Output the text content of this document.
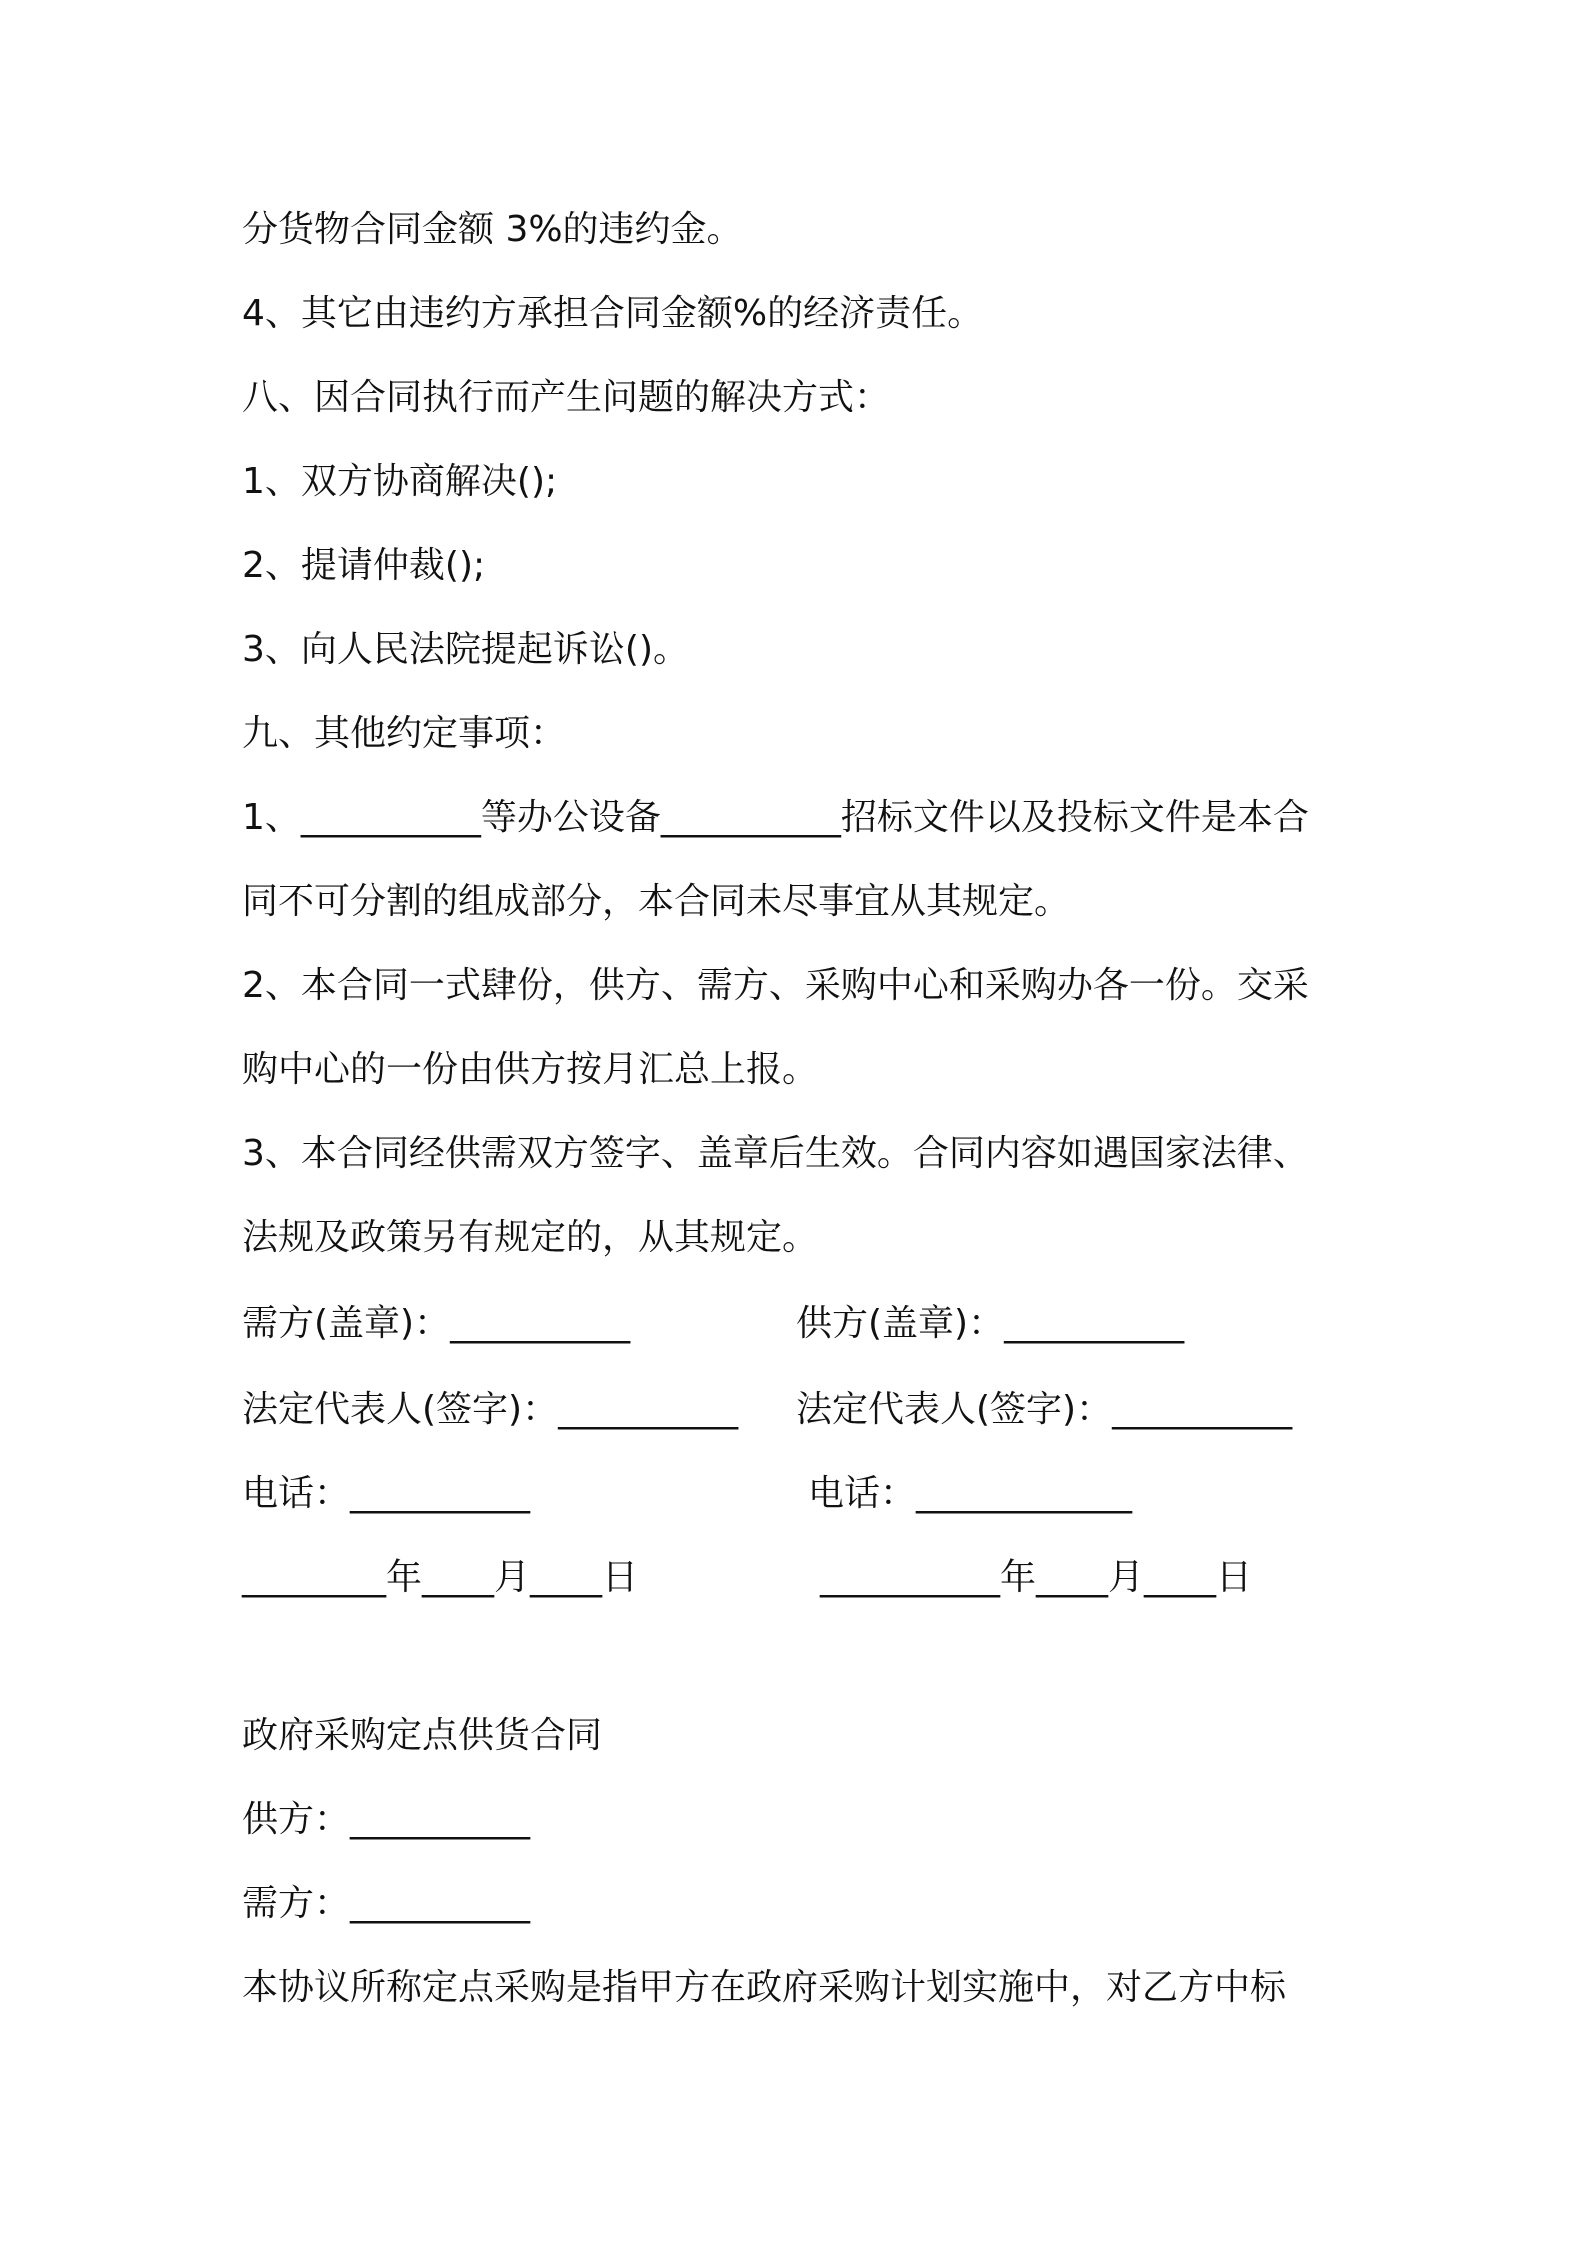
分货物合同金额 3%的违约金。
4、其它由违约方承担合同金额%的经济责任。
八、因合同执行而产生问题的解决方式：
1、双方协商解决();
2、提请仲裁();
3、向人民法院提起诉讼()。
九、其他约定事项：
1、__________等办公设备__________招标文件以及投标文件是本合
同不可分割的组成部分，本合同未尽事宜从其规定。
2、本合同一式肆份，供方、需方、采购中心和采购办各一份。交采
购中心的一份由供方按月汇总上报。
3、本合同经供需双方签字、盖章后生效。合同内容如遇国家法律、
法规及政策另有规定的，从其规定。
需方(盖章)：__________
法定代表人(签字)：__________
电话：__________
________年____月____日
供方(盖章)：__________
法定代表人(签字)：__________
电话：____________
__________年____月____日
政府采购定点供货合同
供方：__________
需方：__________
本协议所称定点采购是指甲方在政府采购计划实施中，对乙方中标
